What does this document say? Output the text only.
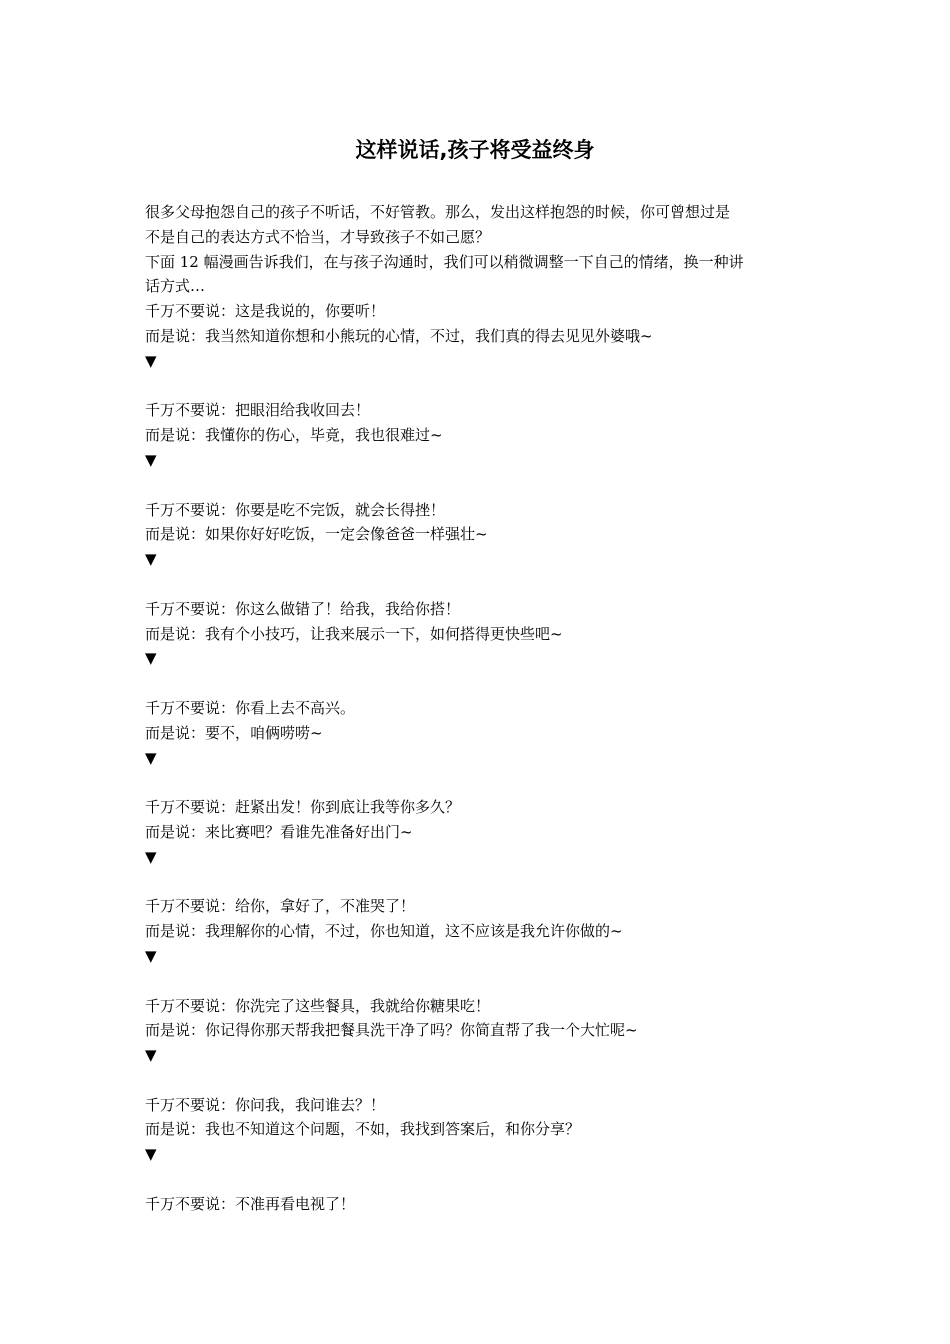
这样说话,孩子将受益终身

很多父母抱怨自己的孩子不听话，不好管教。那么，发出这样抱怨的时候，你可曾想过是
不是自己的表达方式不恰当，才导致孩子不如己愿？
下面 12 幅漫画告诉我们，在与孩子沟通时，我们可以稍微调整一下自己的情绪，换一种讲
话方式…

千万不要说：这是我说的，你要听！
而是说：我当然知道你想和小熊玩的心情，不过，我们真的得去见见外婆哦~
▼
千万不要说：把眼泪给我收回去！
而是说：我懂你的伤心，毕竟，我也很难过~
▼
千万不要说：你要是吃不完饭，就会长得挫！
而是说：如果你好好吃饭，一定会像爸爸一样强壮~
▼
千万不要说：你这么做错了！给我，我给你搭！
而是说：我有个小技巧，让我来展示一下，如何搭得更快些吧~
▼
千万不要说：你看上去不高兴。
而是说：要不，咱俩唠唠~
▼
千万不要说：赶紧出发！你到底让我等你多久？
而是说：来比赛吧？看谁先准备好出门~
▼
千万不要说：给你，拿好了，不准哭了！
而是说：我理解你的心情，不过，你也知道，这不应该是我允许你做的~
▼
千万不要说：你洗完了这些餐具，我就给你糖果吃！
而是说：你记得你那天帮我把餐具洗干净了吗？你简直帮了我一个大忙呢~
▼
千万不要说：你问我，我问谁去？！
而是说：我也不知道这个问题，不如，我找到答案后，和你分享？
▼
千万不要说：不准再看电视了！
